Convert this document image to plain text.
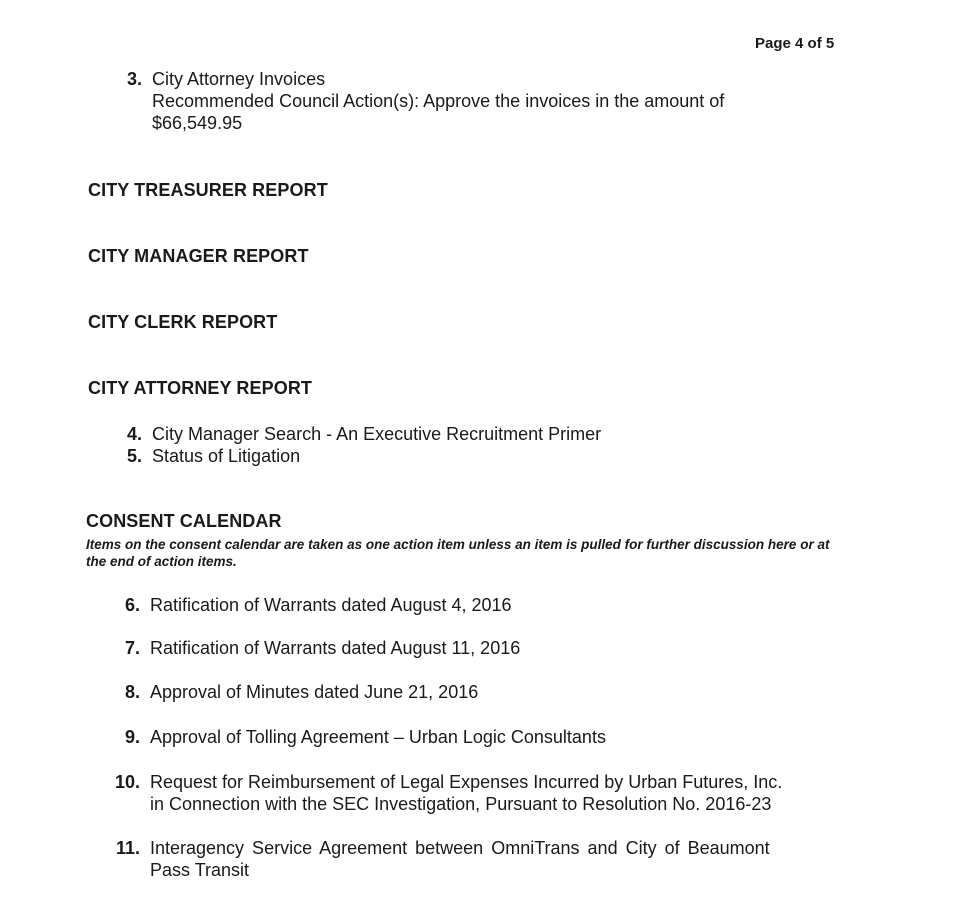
Page 4 of 5
3. City Attorney Invoices
Recommended Council Action(s): Approve the invoices in the amount of
$66,549.95
CITY TREASURER REPORT
CITY MANAGER REPORT
CITY CLERK REPORT
CITY ATTORNEY REPORT
4. City Manager Search - An Executive Recruitment Primer
5. Status of Litigation
CONSENT CALENDAR
Items on the consent calendar are taken as one action item unless an item is pulled for further discussion here or at the end of action items.
6. Ratification of Warrants dated August 4, 2016
7. Ratification of Warrants dated August 11, 2016
8. Approval of Minutes dated June 21, 2016
9. Approval of Tolling Agreement – Urban Logic Consultants
10. Request for Reimbursement of Legal Expenses Incurred by Urban Futures, Inc.
in Connection with the SEC Investigation, Pursuant to Resolution No. 2016-23
11. Interagency Service Agreement between OmniTrans and City of Beaumont
Pass Transit
